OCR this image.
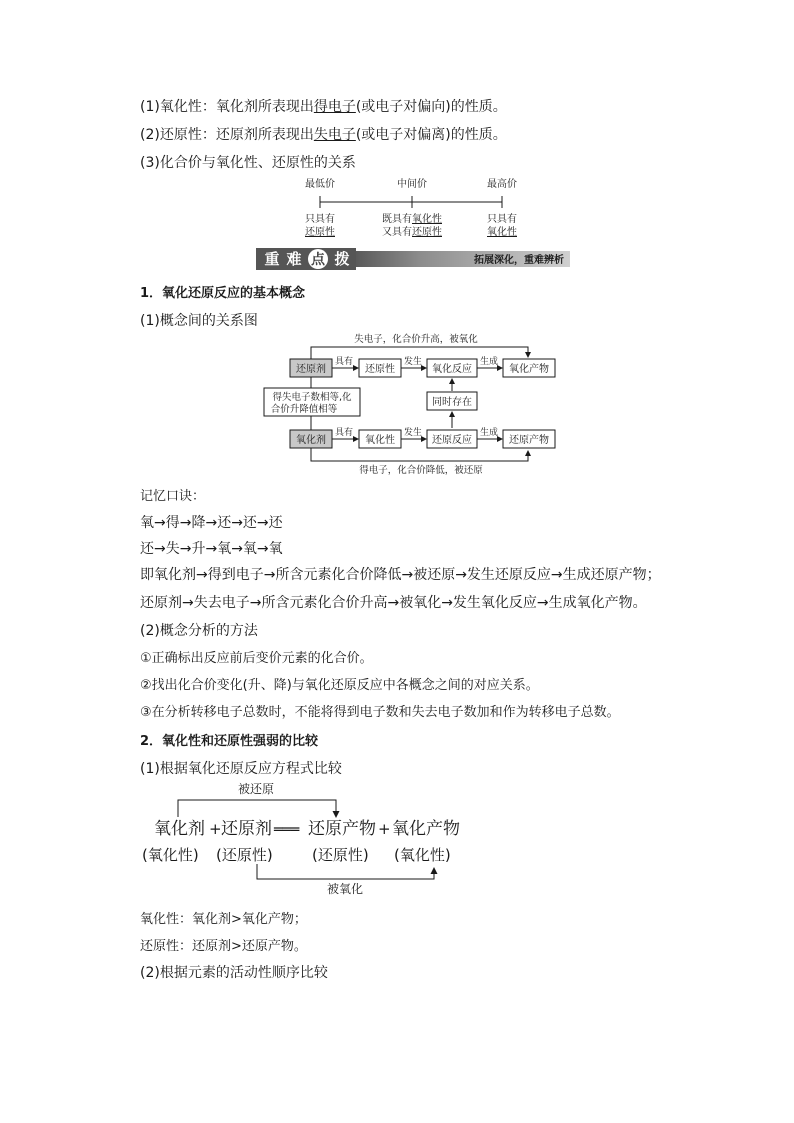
(1)氧化性：氧化剂所表现出得电子(或电子对偏向)的性质。
(2)还原性：还原剂所表现出失电子(或电子对偏离)的性质。
(3)化合价与氧化性、还原性的关系
最低价	中间价	最高价
只具有
还原性
既具有氧化性
又具有还原性
只具有
氧化性
重 难 点 拨	拓展深化，重难辨析
1．氧化还原反应的基本概念
(1)概念间的关系图
失电子，化合价升高，被氧化
还原剂
具有
还原性
发生
氧化反应
生成
氧化产物
得失电子数相等,化
合价升降值相等
同时存在
氧化剂
具有
氧化性
发生
还原反应
生成
还原产物
得电子，化合价降低，被还原
记忆口诀：
氧→得→降→还→还→还
还→失→升→氧→氧→氧
即氧化剂→得到电子→所含元素化合价降低→被还原→发生还原反应→生成还原产物；
还原剂→失去电子→所含元素化合价升高→被氧化→发生氧化反应→生成氧化产物。
(2)概念分析的方法
①正确标出反应前后变价元素的化合价。
②找出化合价变化(升、降)与氧化还原反应中各概念之间的对应关系。
③在分析转移电子总数时，不能将得到电子数和失去电子数加和作为转移电子总数。
2．氧化性和还原性强弱的比较
(1)根据氧化还原反应方程式比较
被还原
氧化剂 + 还原剂 ═══ 还原产物 + 氧化产物
(氧化性) (还原性)	(还原性) (氧化性)
被氧化
氧化性：氧化剂>氧化产物；
还原性：还原剂>还原产物。
(2)根据元素的活动性顺序比较
